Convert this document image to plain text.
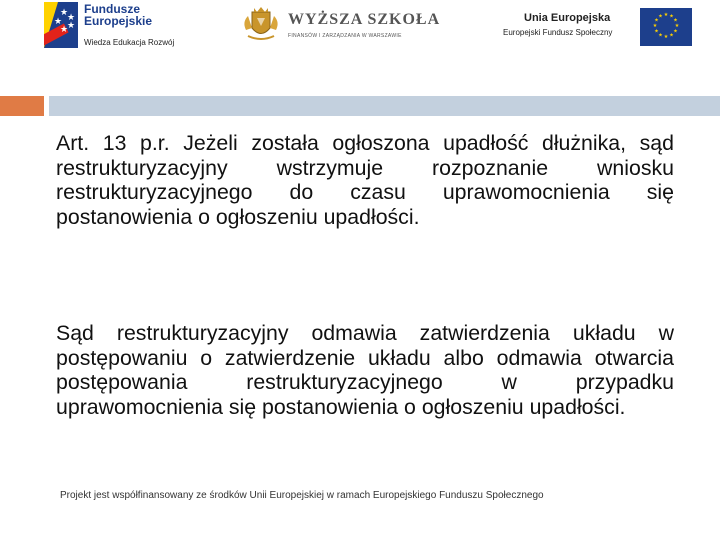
★
★
★
★
★
Fundusze
Europejskie
Wiedza Edukacja Rozwój
WYŻSZA SZKOŁA
FINANSÓW I ZARZĄDZANIA W WARSZAWIE
Unia Europejska
Europejski Fundusz Społeczny
★ ★
★
★
★
★
★
★
★
★
★
★

Art. 13 p.r. Jeżeli została ogłoszona upadłość dłużnika, sąd restrukturyzacyjny wstrzymuje rozpoznanie wniosku restrukturyzacyjnego do czasu uprawomocnienia się postanowienia o ogłoszeniu upadłości.

Sąd restrukturyzacyjny odmawia zatwierdzenia układu w postępowaniu o zatwierdzenie układu albo odmawia otwarcia postępowania restrukturyzacyjnego w przypadku uprawomocnienia się postanowienia o ogłoszeniu upadłości.

Projekt jest współfinansowany ze środków Unii Europejskiej w ramach Europejskiego Funduszu Społecznego
